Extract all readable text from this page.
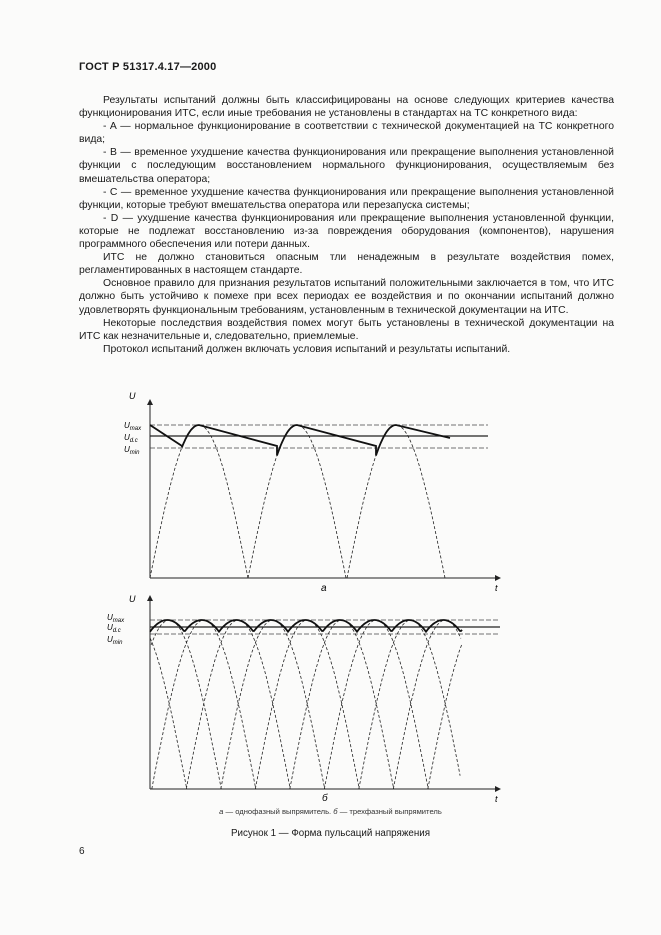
ГОСТ Р 51317.4.17—2000

Результаты испытаний должны быть классифицированы на основе следующих критериев качества функционирования ИТС, если иные требования не установлены в стандартах на ТС конкретного вида:

- A — нормальное функционирование в соответствии с технической документацией на ТС конкретного вида;

- B — временное ухудшение качества функционирования или прекращение выполнения установленной функции с последующим восстановлением нормального функционирования, осуществляемым без вмешательства оператора;

- C — временное ухудшение качества функционирования или прекращение выполнения установленной функции, которые требуют вмешательства оператора или перезапуска системы;

- D — ухудшение качества функционирования или прекращение выполнения установленной функции, которые не подлежат восстановлению из-за повреждения оборудования (компонентов), нарушения программного обеспечения или потери данных.

ИТС не должно становиться опасным тли ненадежным в результате воздействия помех, регламентированных в настоящем стандарте.

Основное правило для признания результатов испытаний положительными заключается в том, что ИТС должно быть устойчиво к помехе при всех периодах ее воздействия и по окончании испытаний должно удовлетворять функциональным требованиям, установленным в технической документации на ИТС.

Некоторые последствия воздействия помех могут быть установлены в технической документации на ИТС как незначительные и, следовательно, приемлемые.

Протокол испытаний должен включать условия испытаний и результаты испытаний.

U
t
$U_{max}$
$U_{d.c}$
$U_{min}$
а
U
t
$U_{max}$
$U_{d.c}$
$U_{min}$
б
а — однофазный выпрямитель. б — трехфазный выпрямитель
Рисунок 1 — Форма пульсаций напряжения
6
